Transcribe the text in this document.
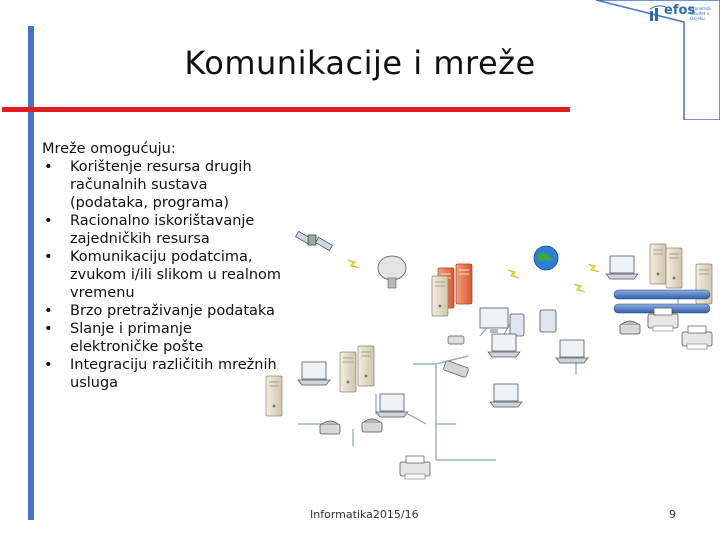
efos
Ekonomski fakultet u Osijeku
Komunikacije i mreže

Mreže omogućuju:

• Korištenje resursa drugih računalnih sustava (podataka, programa)
• Racionalno iskorištavanje zajedničkih resursa
• Komunikaciju podatcima, zvukom i/ili slikom u realnom vremenu
• Brzo pretraživanje podataka
• Slanje i primanje elektroničke pošte
• Integraciju različitih mrežnih usluga
Informatika2015/16	9
